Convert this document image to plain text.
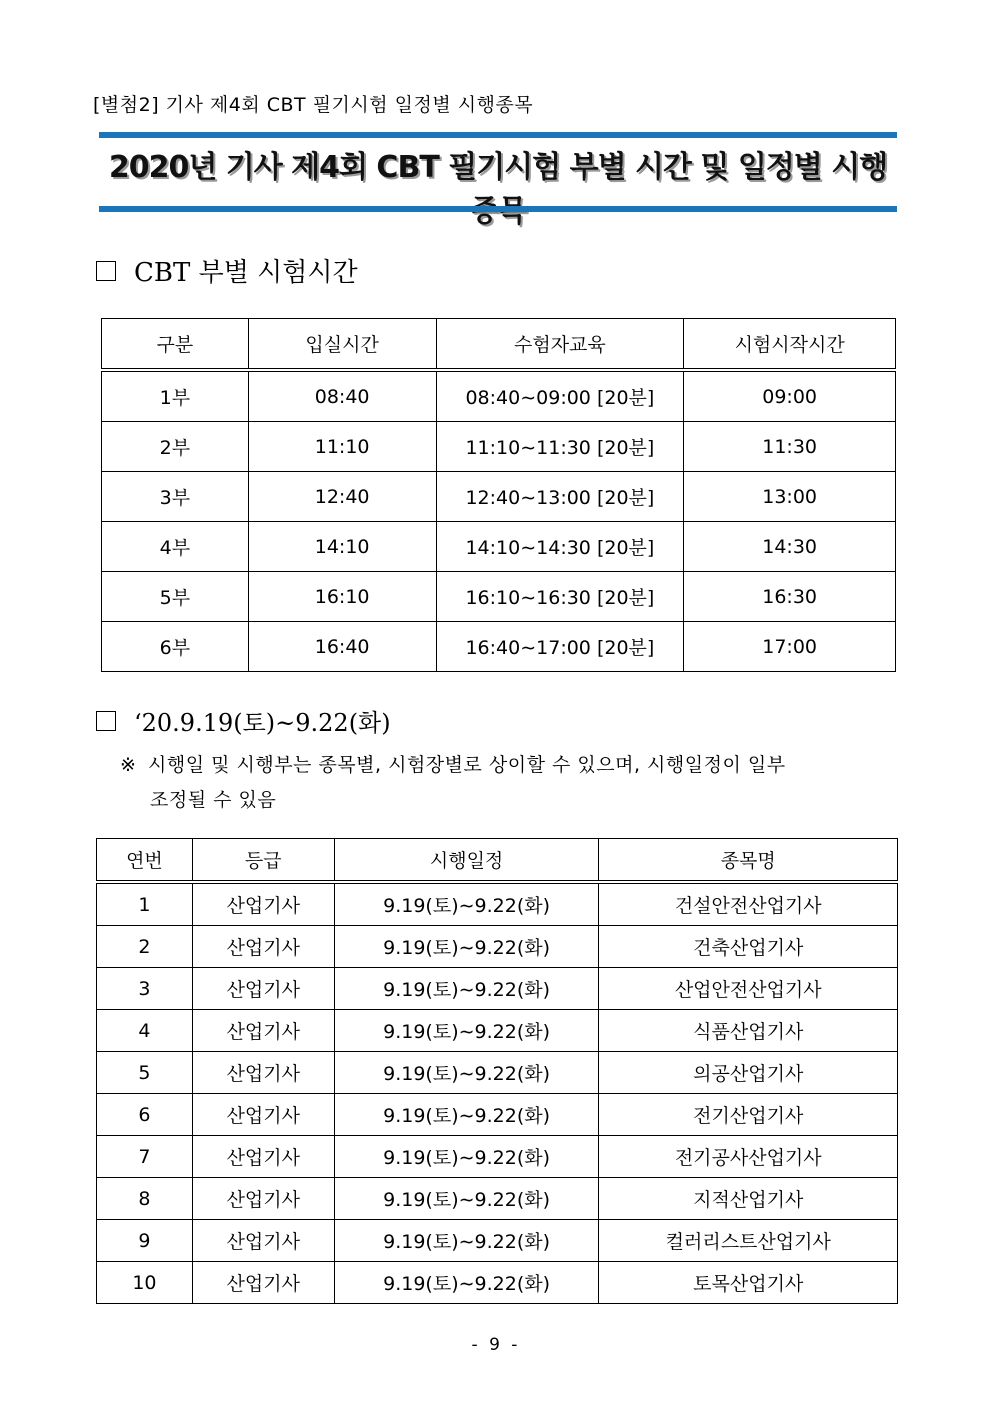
[별첨2] 기사 제4회 CBT 필기시험 일정별 시행종목
2020년 기사 제4회 CBT 필기시험 부별 시간 및 일정별 시행
CBT 부별 시험시간
구분	입실시간	수험자교육	시험시작시간
1부	08:40	08:40∼09:00 [20분]	09:00
2부	11:10	11:10∼11:30 [20분]	11:30
3부	12:40	12:40∼13:00 [20분]	13:00
4부	14:10	14:10∼14:30 [20분]	14:30
5부	16:10	16:10∼16:30 [20분]	16:30
6부	16:40	16:40∼17:00 [20분]	17:00
‘20.9.19(토)~9.22(화)
※ 시행일 및 시행부는 종목별, 시험장별로 상이할 수 있으며, 시행일정이 일부
조정될 수 있음
연번	등급	시행일정	종목명
1	산업기사	9.19(토)∼9.22(화)	건설안전산업기사
2	산업기사	9.19(토)∼9.22(화)	건축산업기사
3	산업기사	9.19(토)∼9.22(화)	산업안전산업기사
4	산업기사	9.19(토)∼9.22(화)	식품산업기사
5	산업기사	9.19(토)∼9.22(화)	의공산업기사
6	산업기사	9.19(토)∼9.22(화)	전기산업기사
7	산업기사	9.19(토)∼9.22(화)	전기공사산업기사
8	산업기사	9.19(토)∼9.22(화)	지적산업기사
9	산업기사	9.19(토)∼9.22(화)	컬러리스트산업기사
10	산업기사	9.19(토)∼9.22(화)	토목산업기사
- 9 -
